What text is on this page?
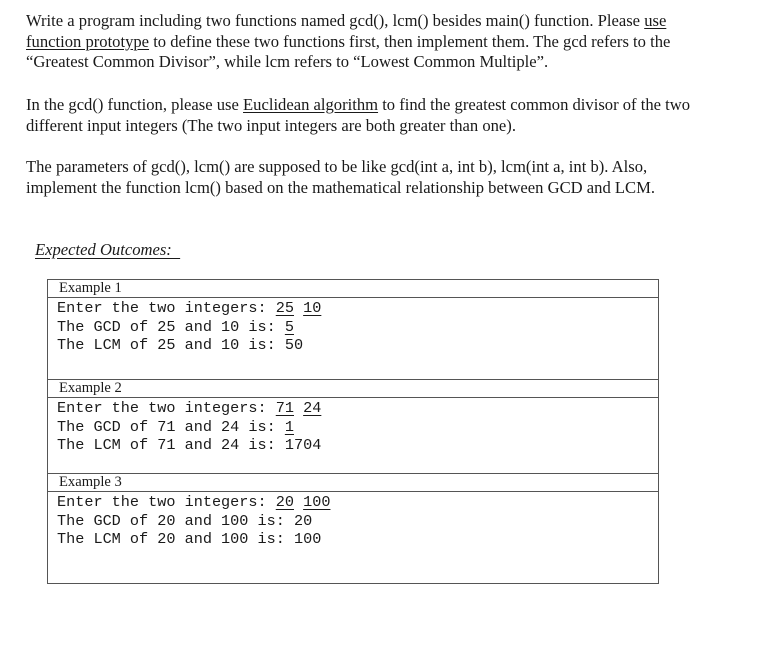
Write a program including two functions named gcd(), lcm() besides main() function. Please use function prototype to define these two functions first, then implement them. The gcd refers to the “Greatest Common Divisor”, while lcm refers to “Lowest Common Multiple”.

In the gcd() function, please use Euclidean algorithm to find the greatest common divisor of the two different input integers (The two input integers are both greater than one).

The parameters of gcd(), lcm() are supposed to be like gcd(int a, int b), lcm(int a, int b). Also, implement the function lcm() based on the mathematical relationship between GCD and LCM.

Expected Outcomes:
Example 1
Enter the two integers: 25 10
The GCD of 25 and 10 is: 5
The LCM of 25 and 10 is: 50
Example 2
Enter the two integers: 71 24
The GCD of 71 and 24 is: 1
The LCM of 71 and 24 is: 1704
Example 3
Enter the two integers: 20 100
The GCD of 20 and 100 is: 20
The LCM of 20 and 100 is: 100
